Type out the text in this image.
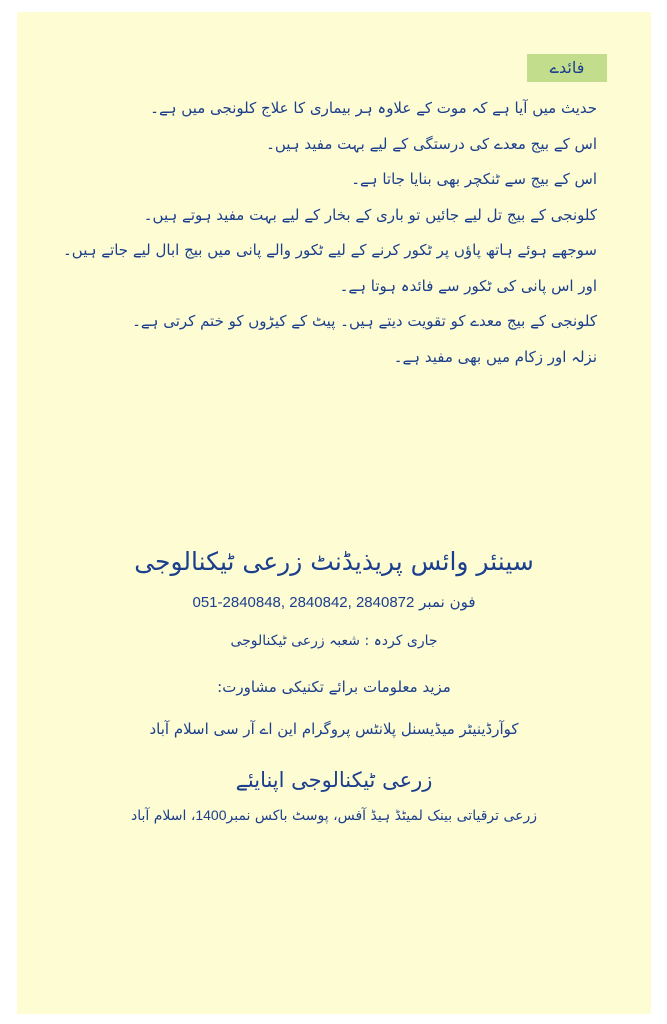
فائدے
حدیث میں آیا ہے کہ موت کے علاوہ ہر بیماری کا علاج کلونجی میں ہے۔
اس کے بیج معدے کی درستگی کے لیے بہت مفید ہیں۔
اس کے بیج سے ٹنکچر بھی بنایا جاتا ہے۔
کلونجی کے بیج تل لیے جائیں تو باری کے بخار کے لیے بہت مفید ہوتے ہیں۔
سوجھے ہوئے ہاتھ پاؤں پر ٹکور کرنے کے لیے ٹکور والے پانی میں بیج ابال لیے جاتے ہیں۔
اور اس پانی کی ٹکور سے فائدہ ہوتا ہے۔
کلونجی کے بیج معدے کو تقویت دیتے ہیں۔ پیٹ کے کیڑوں کو ختم کرتی ہے۔
نزلہ اور زکام میں بھی مفید ہے۔
سینئر وائس پریذیڈنٹ زرعی ٹیکنالوجی
فون نمبر 051-2840848, 2840842, 2840872
جاری کردہ : شعبہ زرعی ٹیکنالوجی
مزید معلومات برائے تکنیکی مشاورت:
کوآرڈینیٹر میڈیسنل پلانٹس پروگرام این اے آر سی اسلام آباد
زرعی ٹیکنالوجی اپنایئے
زرعی ترقیاتی بینک لمیٹڈ ہیڈ آفس، پوسٹ باکس نمبر1400، اسلام آباد
